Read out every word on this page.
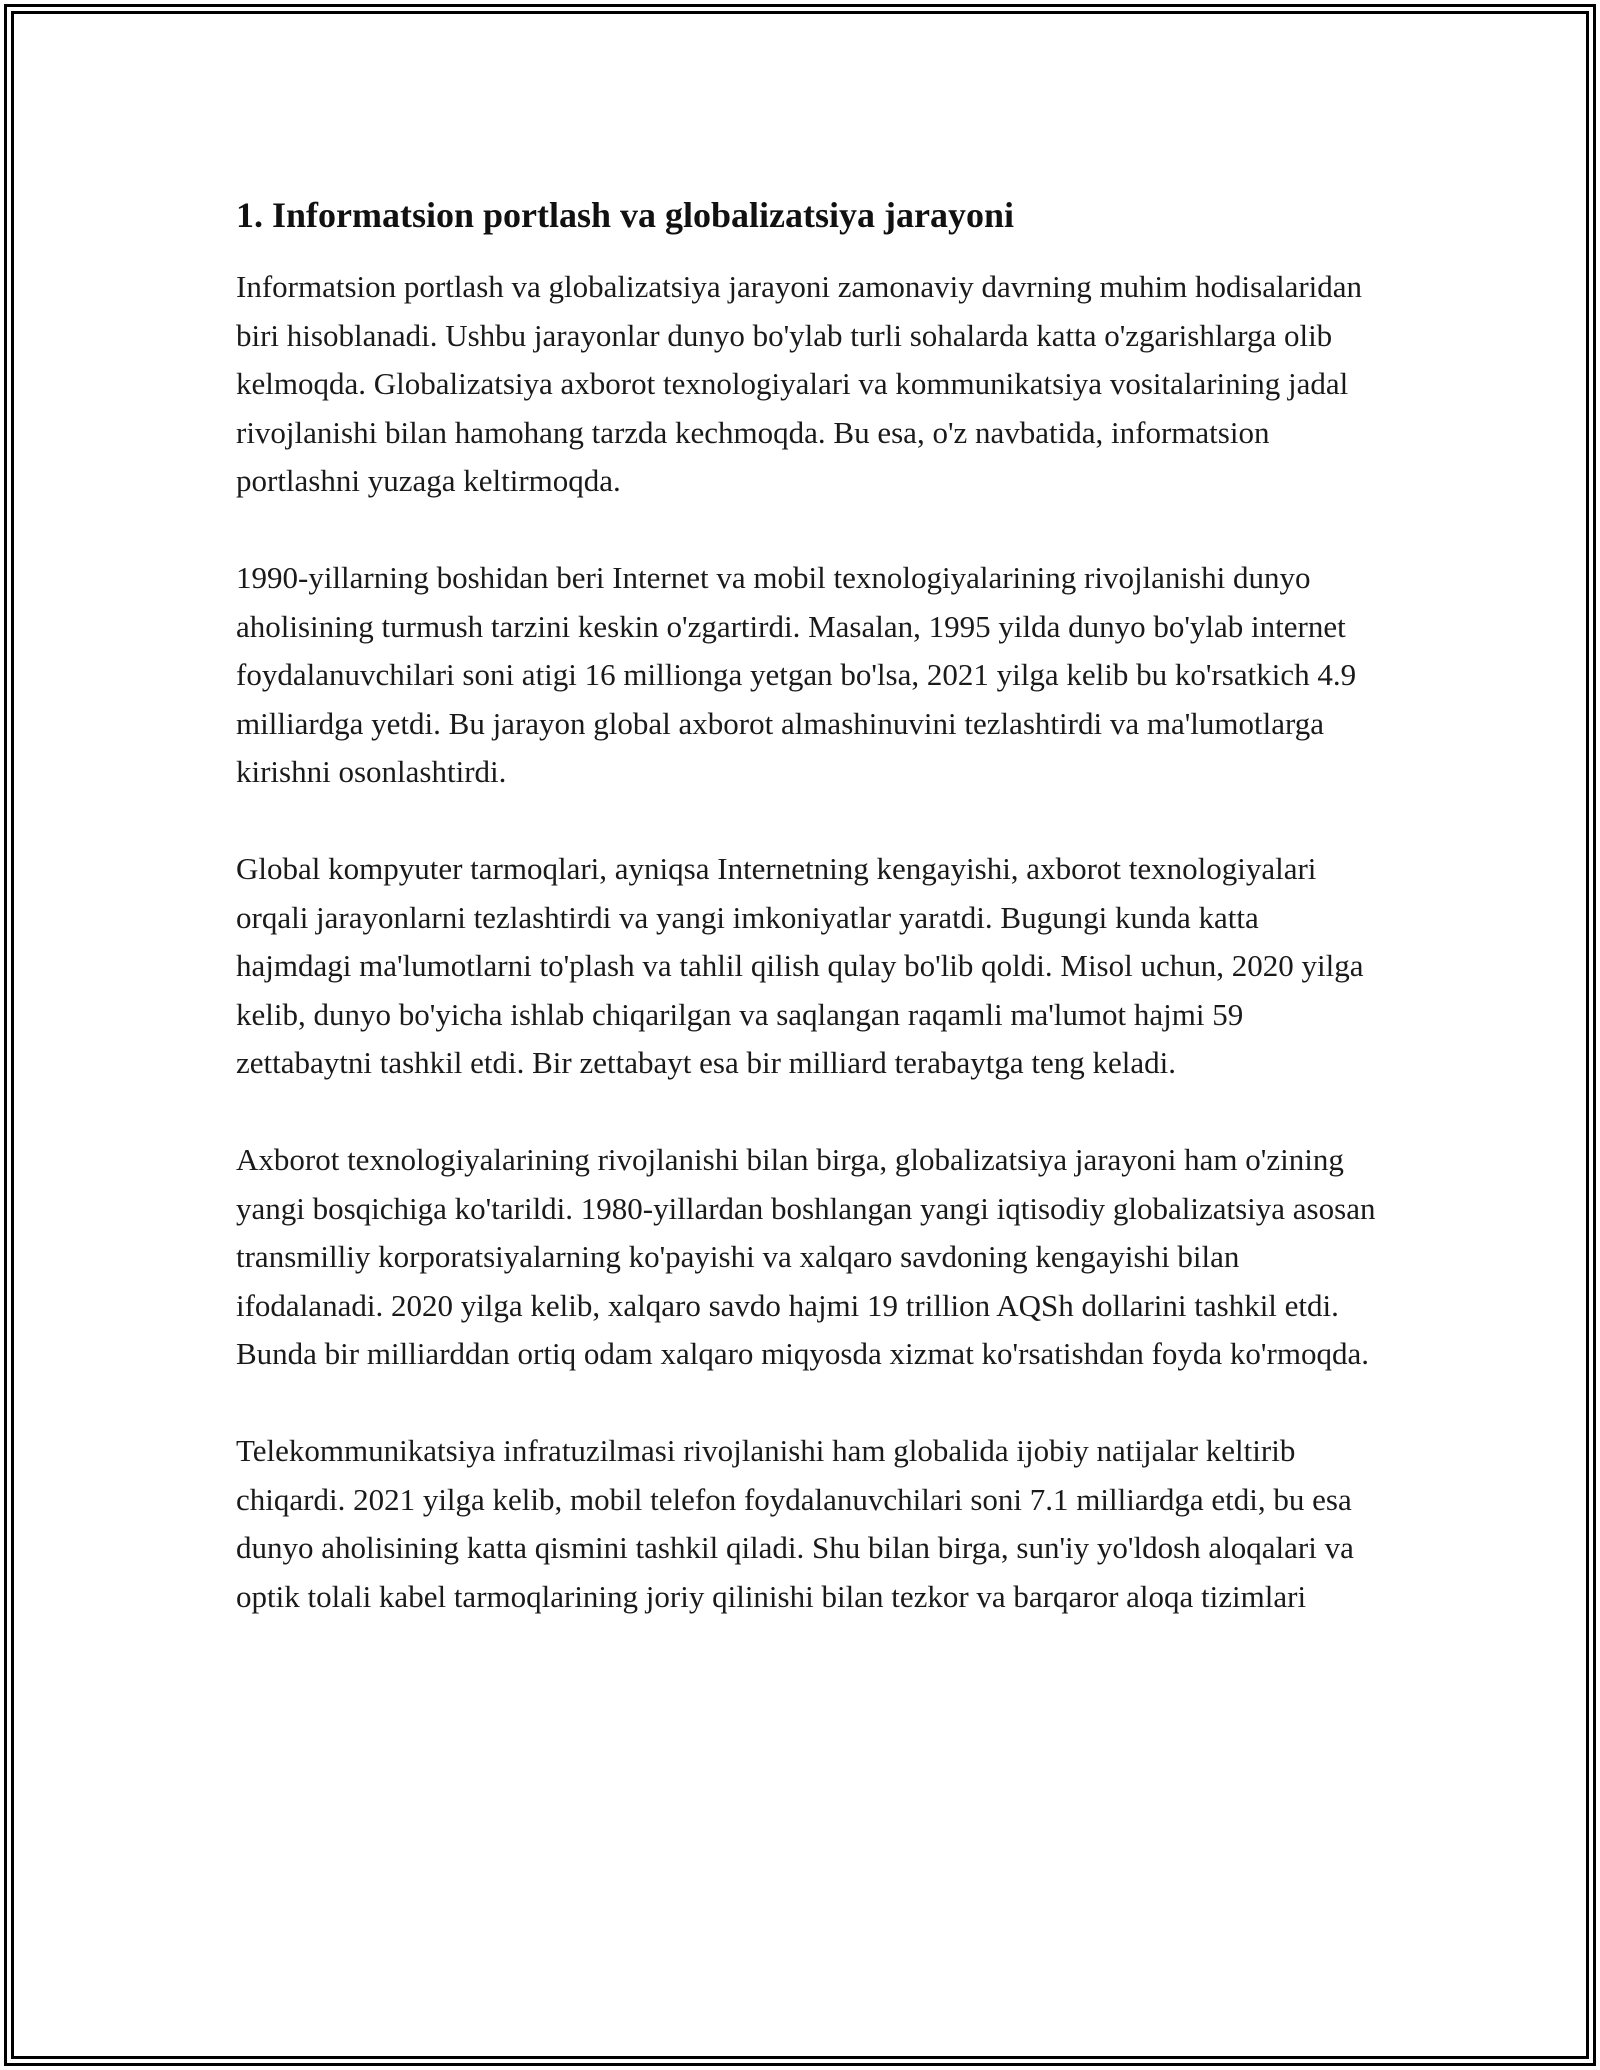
1. Informatsion portlash va globalizatsiya jarayoni

Informatsion portlash va globalizatsiya jarayoni zamonaviy davrning muhim hodisalaridan biri hisoblanadi. Ushbu jarayonlar dunyo bo'ylab turli sohalarda katta o'zgarishlarga olib kelmoqda. Globalizatsiya axborot texnologiyalari va kommunikatsiya vositalarining jadal rivojlanishi bilan hamohang tarzda kechmoqda. Bu esa, o'z navbatida, informatsion portlashni yuzaga keltirmoqda.

1990-yillarning boshidan beri Internet va mobil texnologiyalarining rivojlanishi dunyo aholisining turmush tarzini keskin o'zgartirdi. Masalan, 1995 yilda dunyo bo'ylab internet foydalanuvchilari soni atigi 16 millionga yetgan bo'lsa, 2021 yilga kelib bu ko'rsatkich 4.9 milliardga yetdi. Bu jarayon global axborot almashinuvini tezlashtirdi va ma'lumotlarga kirishni osonlashtirdi.

Global kompyuter tarmoqlari, ayniqsa Internetning kengayishi, axborot texnologiyalari orqali jarayonlarni tezlashtirdi va yangi imkoniyatlar yaratdi. Bugungi kunda katta hajmdagi ma'lumotlarni to'plash va tahlil qilish qulay bo'lib qoldi. Misol uchun, 2020 yilga kelib, dunyo bo'yicha ishlab chiqarilgan va saqlangan raqamli ma'lumot hajmi 59 zettabaytni tashkil etdi. Bir zettabayt esa bir milliard terabaytga teng keladi.

Axborot texnologiyalarining rivojlanishi bilan birga, globalizatsiya jarayoni ham o'zining yangi bosqichiga ko'tarildi. 1980-yillardan boshlangan yangi iqtisodiy globalizatsiya asosan transmilliy korporatsiyalarning ko'payishi va xalqaro savdoning kengayishi bilan ifodalanadi. 2020 yilga kelib, xalqaro savdo hajmi 19 trillion AQSh dollarini tashkil etdi. Bunda bir milliarddan ortiq odam xalqaro miqyosda xizmat ko'rsatishdan foyda ko'rmoqda.

Telekommunikatsiya infratuzilmasi rivojlanishi ham globalida ijobiy natijalar keltirib chiqardi. 2021 yilga kelib, mobil telefon foydalanuvchilari soni 7.1 milliardga etdi, bu esa dunyo aholisining katta qismini tashkil qiladi. Shu bilan birga, sun'iy yo'ldosh aloqalari va optik tolali kabel tarmoqlarining joriy qilinishi bilan tezkor va barqaror aloqa tizimlari
